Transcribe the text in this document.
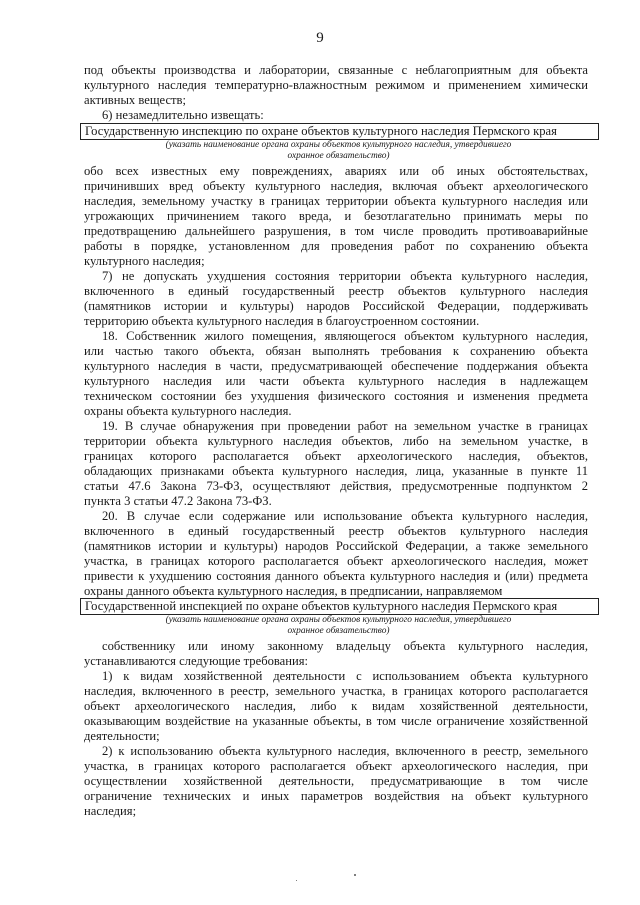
9
под объекты производства и лаборатории, связанные с неблагоприятным для объекта
культурного наследия температурно-влажностным режимом и применением химически
активных веществ;
6) незамедлительно извещать:
Государственную инспекцию по охране объектов культурного наследия Пермского края
(указать наименование органа охраны объектов культурного наследия, утвердившего
охранное обязательство)
обо всех известных ему повреждениях, авариях или об иных обстоятельствах,
причинивших вред объекту культурного наследия, включая объект археологического
наследия, земельному участку в границах территории объекта культурного наследия или
угрожающих причинением такого вреда, и безотлагательно принимать меры по
предотвращению дальнейшего разрушения, в том числе проводить противоаварийные
работы в порядке, установленном для проведения работ по сохранению объекта
культурного наследия;
7) не допускать ухудшения состояния территории объекта культурного наследия,
включенного в единый государственный реестр объектов культурного наследия
(памятников истории и культуры) народов Российской Федерации, поддерживать
территорию объекта культурного наследия в благоустроенном состоянии.
18. Собственник жилого помещения, являющегося объектом культурного наследия,
или частью такого объекта, обязан выполнять требования к сохранению объекта
культурного наследия в части, предусматривающей обеспечение поддержания объекта
культурного наследия или части объекта культурного наследия в надлежащем
техническом состоянии без ухудшения физического состояния и изменения предмета
охраны объекта культурного наследия.
19. В случае обнаружения при проведении работ на земельном участке в границах
территории объекта культурного наследия объектов, либо на земельном участке, в
границах которого располагается объект археологического наследия, объектов,
обладающих признаками объекта культурного наследия, лица, указанные в пункте 11
статьи 47.6 Закона 73-ФЗ, осуществляют действия, предусмотренные подпунктом 2
пункта 3 статьи 47.2 Закона 73-ФЗ.
20. В случае если содержание или использование объекта культурного наследия,
включенного в единый государственный реестр объектов культурного наследия
(памятников истории и культуры) народов Российской Федерации, а также земельного
участка, в границах которого располагается объект археологического наследия, может
привести к ухудшению состояния данного объекта культурного наследия и (или) предмета
охраны данного объекта культурного наследия, в предписании, направляемом
Государственной инспекцией по охране объектов культурного наследия Пермского края
(указать наименование органа охраны объектов культурного наследия, утвердившего
охранное обязательство)
собственнику или иному законному владельцу объекта культурного наследия,
устанавливаются следующие требования:
1) к видам хозяйственной деятельности с использованием объекта культурного
наследия, включенного в реестр, земельного участка, в границах которого располагается
объект археологического наследия, либо к видам хозяйственной деятельности,
оказывающим воздействие на указанные объекты, в том числе ограничение хозяйственной
деятельности;
2) к использованию объекта культурного наследия, включенного в реестр, земельного
участка, в границах которого располагается объект археологического наследия, при
осуществлении хозяйственной деятельности, предусматривающие в том числе
ограничение технических и иных параметров воздействия на объект культурного
наследия;
